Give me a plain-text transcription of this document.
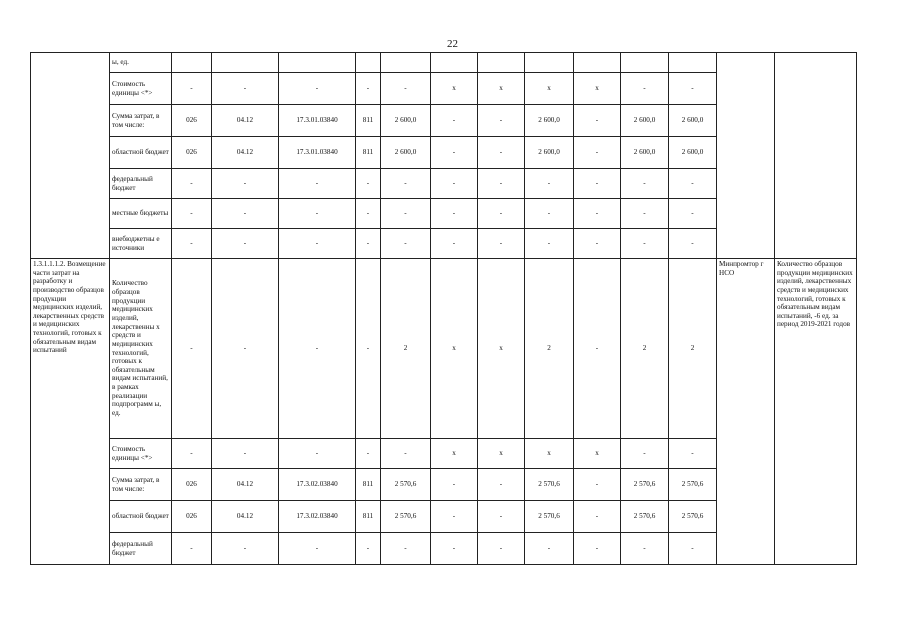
22
	ы, ед.													
	Стоимость единицы <*>	-	-	-	-	-	x	x	x	x	-	-		
	Сумма затрат, в том числе:	026	04.12	17.3.01.03840	811	2 600,0	-	-	2 600,0	-	2 600,0	2 600,0		
	областной бюджет	026	04.12	17.3.01.03840	811	2 600,0	-	-	2 600,0	-	2 600,0	2 600,0		
	федеральный бюджет	-	-	-	-	-	-	-	-	-	-	-		
	местные бюджеты	-	-	-	-	-	-	-	-	-	-	-		
	внебюджетны е источники	-	-	-	-	-	-	-	-	-	-	-		
1.3.1.1.1.2. Возмещение части затрат на разработку и производство образцов продукции медицинских изделий, лекарственных средств и медицинских технологий, готовых к обязательным видам испытаний	Количество образцов продукции медицинских изделий, лекарственны х средств и медицинских технологий, готовых к обязательным видам испытаний, в рамках реализации подпрограмм ы, ед.	-	-	-	-	2	x	x	2	-	2	2	Минпромтор г НСО	Количество образцов продукции медицинских изделий, лекарственных средств и медицинских технологий, готовых к обязательным видам испытаний, -6 ед. за период 2019-2021 годов
	Стоимость единицы <*>	-	-	-	-	-	x	x	x	x	-	-		
	Сумма затрат, в том числе:	026	04.12	17.3.02.03840	811	2 570,6	-	-	2 570,6	-	2 570,6	2 570,6		
	областной бюджет	026	04.12	17.3.02.03840	811	2 570,6	-	-	2 570,6	-	2 570,6	2 570,6		
	федеральный бюджет	-	-	-	-	-	-	-	-	-	-	-		
